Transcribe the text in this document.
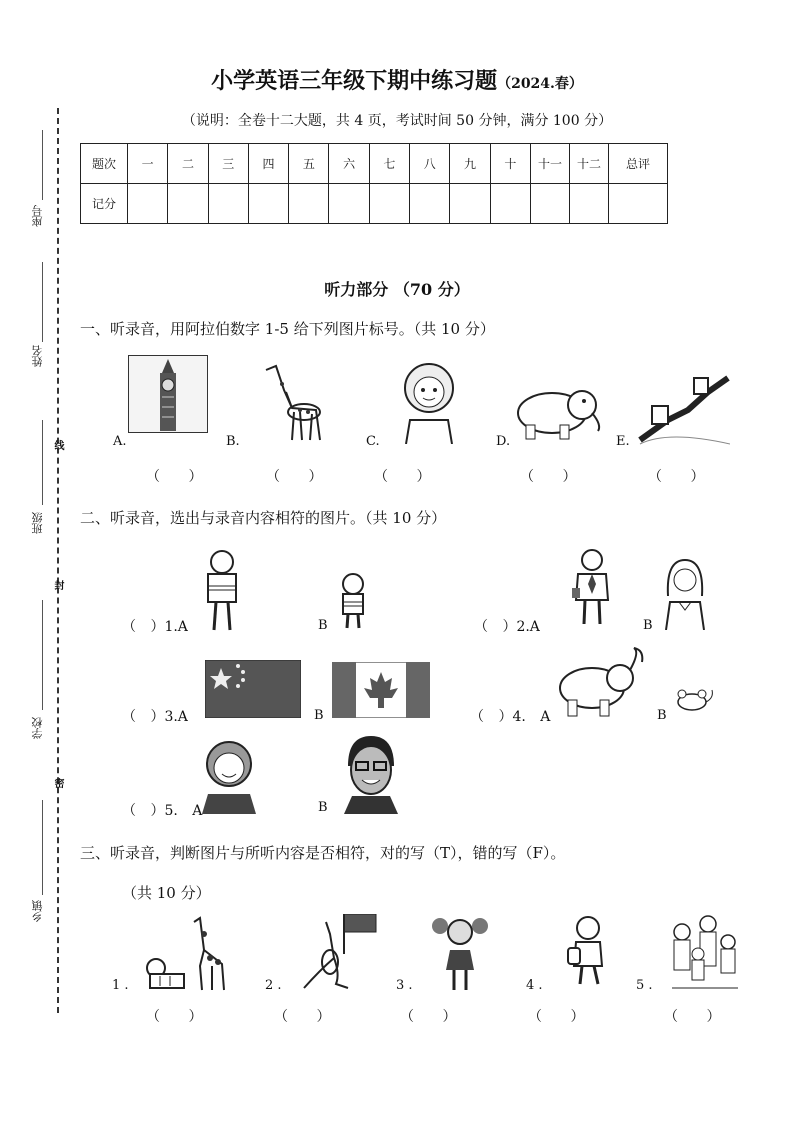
座号
姓名
线
班级
封
学校
密
乡镇
小学英语三年级下期中练习题（2024.春）
（说明：全卷十二大题，共 4 页，考试时间 50 分钟，满分 100 分）
题次	一	二	三	四	五	六	七	八	九	十	十一	十二	总评
记分													
听力部分 （70 分）
一、听录音，用阿拉伯数字 1-5 给下列图片标号。（共 10 分）
A.	B.	C.	D.	E.
（ ）	（ ）	（ ）	（ ）	（ ）
二、听录音，选出与录音内容相符的图片。（共 10 分）
（ ）1.A	B	（ ）2.A	B
（ ）3.A	B	（ ）4. A	B
（ ）5. A	B
三、听录音，判断图片与所听内容是否相符，对的写（T），错的写（F）。
（共 10 分）
1 .	2 .	3 .	4 .	5 .
（ ）	（ ）	（ ）	（ ）	（ ）
